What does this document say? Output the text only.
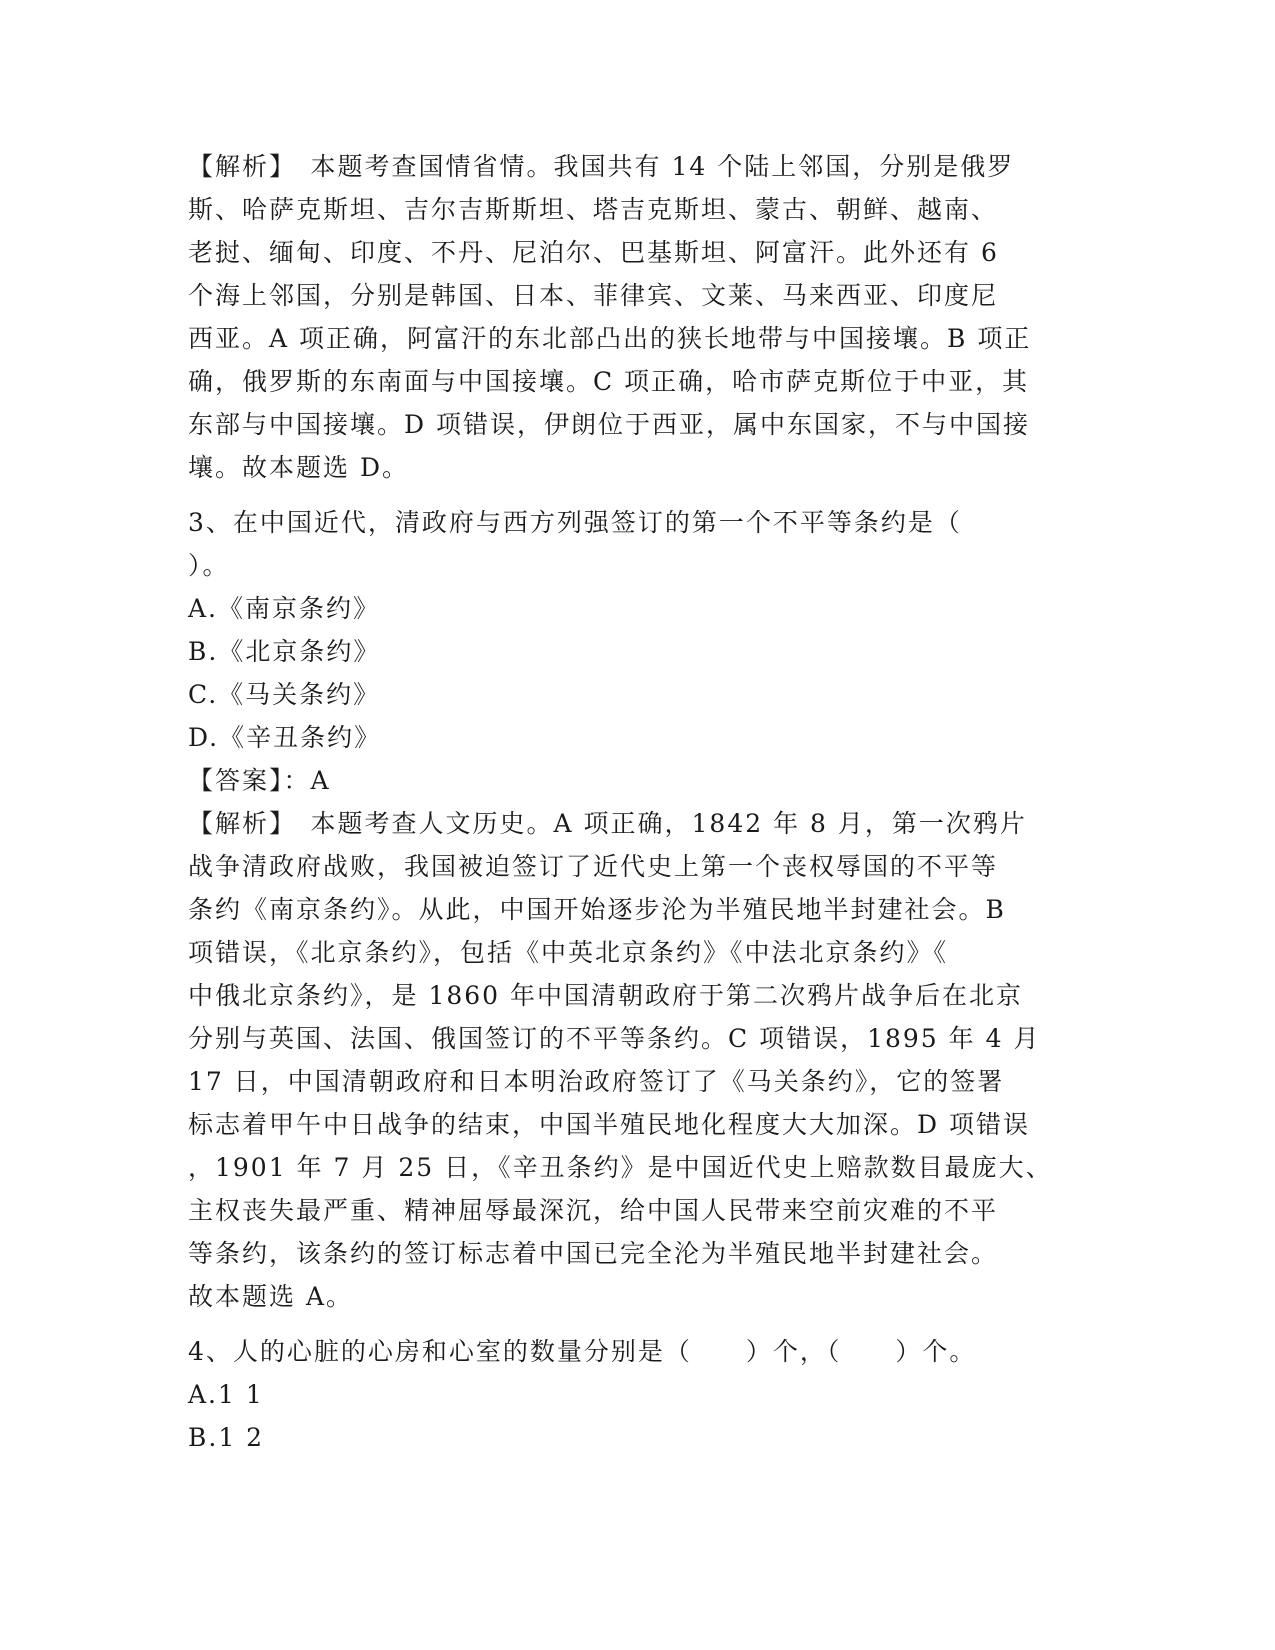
【解析】　本题考查国情省情。我国共有 14 个陆上邻国，分别是俄罗

斯、哈萨克斯坦、吉尔吉斯斯坦、塔吉克斯坦、蒙古、朝鲜、越南、

老挝、缅甸、印度、不丹、尼泊尔、巴基斯坦、阿富汗。此外还有 6

个海上邻国，分别是韩国、日本、菲律宾、文莱、马来西亚、印度尼

西亚。A 项正确，阿富汗的东北部凸出的狭长地带与中国接壤。B 项正

确，俄罗斯的东南面与中国接壤。C 项正确，哈市萨克斯位于中亚，其

东部与中国接壤。D 项错误，伊朗位于西亚，属中东国家，不与中国接

壤。故本题选 D。

3、在中国近代，清政府与西方列强签订的第一个不平等条约是（

）。

A.《南京条约》

B.《北京条约》

C.《马关条约》

D.《辛丑条约》

【答案】：A

【解析】　本题考查人文历史。A 项正确，1842 年 8 月，第一次鸦片

战争清政府战败，我国被迫签订了近代史上第一个丧权辱国的不平等

条约《南京条约》。从此，中国开始逐步沦为半殖民地半封建社会。B

项错误，《北京条约》，包括《中英北京条约》《中法北京条约》《

中俄北京条约》，是 1860 年中国清朝政府于第二次鸦片战争后在北京

分别与英国、法国、俄国签订的不平等条约。C 项错误，1895 年 4 月

17 日，中国清朝政府和日本明治政府签订了《马关条约》，它的签署

标志着甲午中日战争的结束，中国半殖民地化程度大大加深。D 项错误

，1901 年 7 月 25 日，《辛丑条约》是中国近代史上赔款数目最庞大、

主权丧失最严重、精神屈辱最深沉，给中国人民带来空前灾难的不平

等条约，该条约的签订标志着中国已完全沦为半殖民地半封建社会。

故本题选 A。

4、人的心脏的心房和心室的数量分别是（　　）个，（　　）个。

A.1 1

B.1 2
